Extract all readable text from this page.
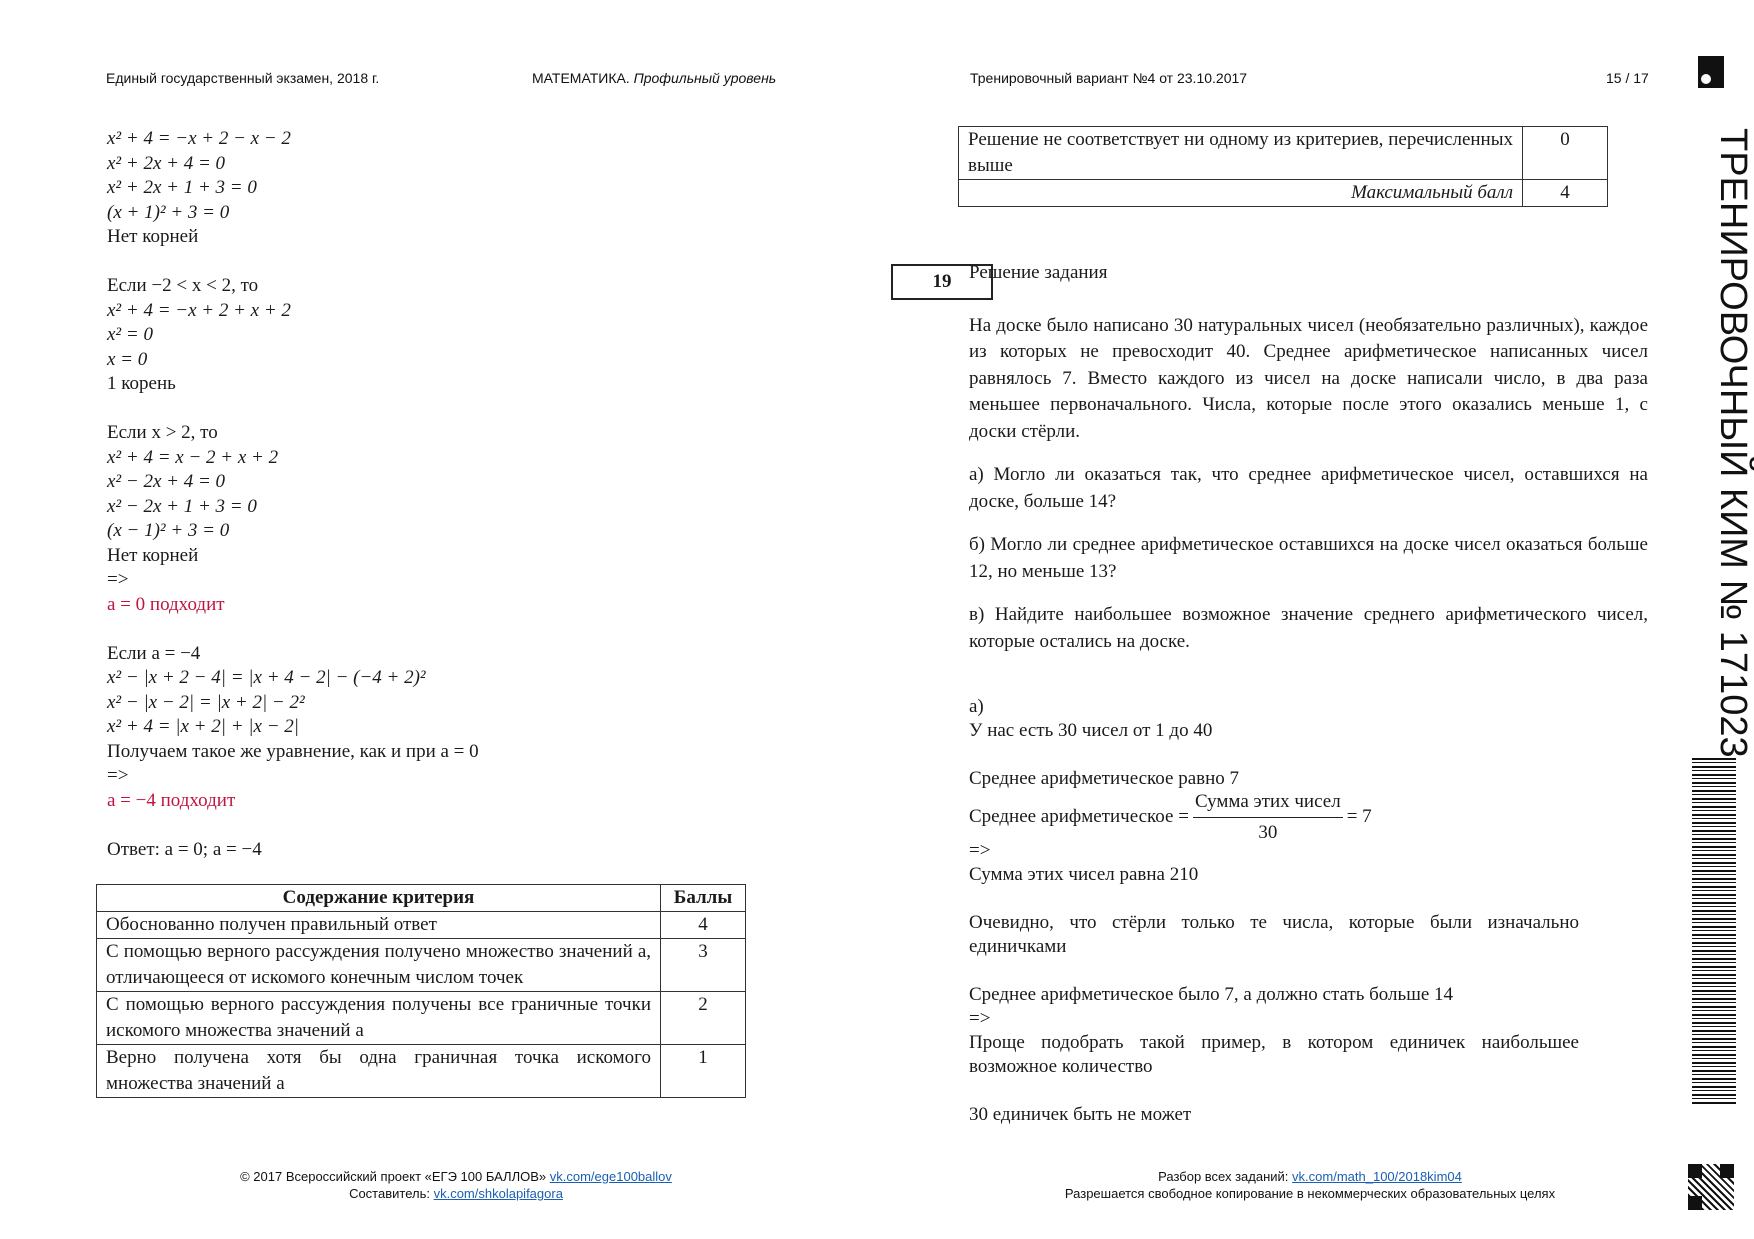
Единый государственный экзамен, 2018 г.	МАТЕМАТИКА. Профильный уровень	Тренировочный вариант №4 от 23.10.2017	15 / 17
x² + 4 = −x + 2 − x − 2
x² + 2x + 4 = 0
x² + 2x + 1 + 3 = 0
(x + 1)² + 3 = 0
Нет корней
Если −2 < x < 2, то
x² + 4 = −x + 2 + x + 2
x² = 0
x = 0
1 корень
Если x > 2, то
x² + 4 = x − 2 + x + 2
x² − 2x + 4 = 0
x² − 2x + 1 + 3 = 0
(x − 1)² + 3 = 0
Нет корней
=>
a = 0 подходит
Если a = −4
x² − |x + 2 − 4| = |x + 4 − 2| − (−4 + 2)²
x² − |x − 2| = |x + 2| − 2²
x² + 4 = |x + 2| + |x − 2|
Получаем такое же уравнение, как и при a = 0
=>
a = −4 подходит
Ответ: a = 0; a = −4
Содержание критерия	Баллы
Обоснованно получен правильный ответ	4
С помощью верного рассуждения получено множество значений а, отличающееся от искомого конечным числом точек	3
С помощью верного рассуждения получены все граничные точки искомого множества значений а	2
Верно получена хотя бы одна граничная точка искомого множества значений а	1
Решение не соответствует ни одному из критериев, перечисленных выше	0
Максимальный балл	4
19 Решение задания
На доске было написано 30 натуральных чисел (необязательно различных), каждое из которых не превосходит 40. Среднее арифметическое написанных чисел равнялось 7. Вместо каждого из чисел на доске написали число, в два раза меньшее первоначального. Числа, которые после этого оказались меньше 1, с доски стёрли.
а) Могло ли оказаться так, что среднее арифметическое чисел, оставшихся на доске, больше 14?
б) Могло ли среднее арифметическое оставшихся на доске чисел оказаться больше 12, но меньше 13?
в) Найдите наибольшее возможное значение среднего арифметического чисел, которые остались на доске.
а)
У нас есть 30 чисел от 1 до 40
Среднее арифметическое равно 7
Среднее арифметическое = $\frac{\text{Сумма этих чисел}}{30} = 7$
=>
Сумма этих чисел равна 210
Очевидно, что стёрли только те числа, которые были изначально единичками
Среднее арифметическое было 7, а должно стать больше 14
=>
Проще подобрать такой пример, в котором единичек наибольшее возможное количество
30 единичек быть не может
ТРЕНИРОВОЧНЫЙ КИМ № 171023
© 2017 Всероссийский проект «ЕГЭ 100 БАЛЛОВ» vk.com/ege100ballov
Составитель: vk.com/shkolapifagora
Разбор всех заданий: vk.com/math_100/2018kim04
Разрешается свободное копирование в некоммерческих образовательных целях
